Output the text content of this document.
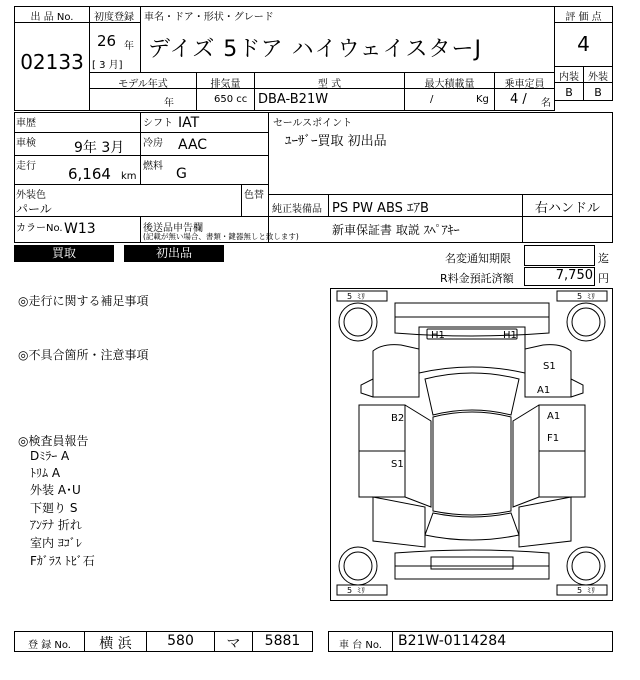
出 品 No.
02133
初度登録
26 年
[ 3 月]
車名・ドア・形状・グレード
デイズ 5ドア ハイウェイスターJ
評 価 点
4
内装 外装
B	B
モデル年式
年
排気量
650 cc
型 式
DBA-B21W
最大積載量
/	Kg
乗車定員
4 / 名
車歴	シフト IAT
車検	9年 3月 冷房 AAC
走行 6,164 km
燃料 G
外装色
パール
色替
カラーNo. W13	後送品申告欄
(記載が無い場合、書類・鍵器無しと致します)
セールスポイント
ﾕｰｻﾞｰ買取 初出品
純正装備品 PS PW ABS ｴｱB	右ハンドル
新車保証書 取説 ｽﾍﾟｱｷｰ
買取	初出品	名変通知期限	迄
R料金預託済額	7,750 円
◎走行に関する補足事項
◎不具合箇所・注意事項
◎検査員報告
Dﾐﾗｰ A
ﾄﾘﾑ A
外装 A･U
下廻り S
ｱﾝﾃﾅ 折れ
室内 ﾖｺﾞﾚ
Fｶﾞﾗｽ ﾄﾋﾞ石
5 ﾐﾘ	5 ﾐﾘ
5 ﾐﾘ	5 ﾐﾘ
H1	H1
S1
A1
B2	A1
F1
S1
登 録 No.	横 浜	580	マ	5881	車 台 No.	B21W-0114284
